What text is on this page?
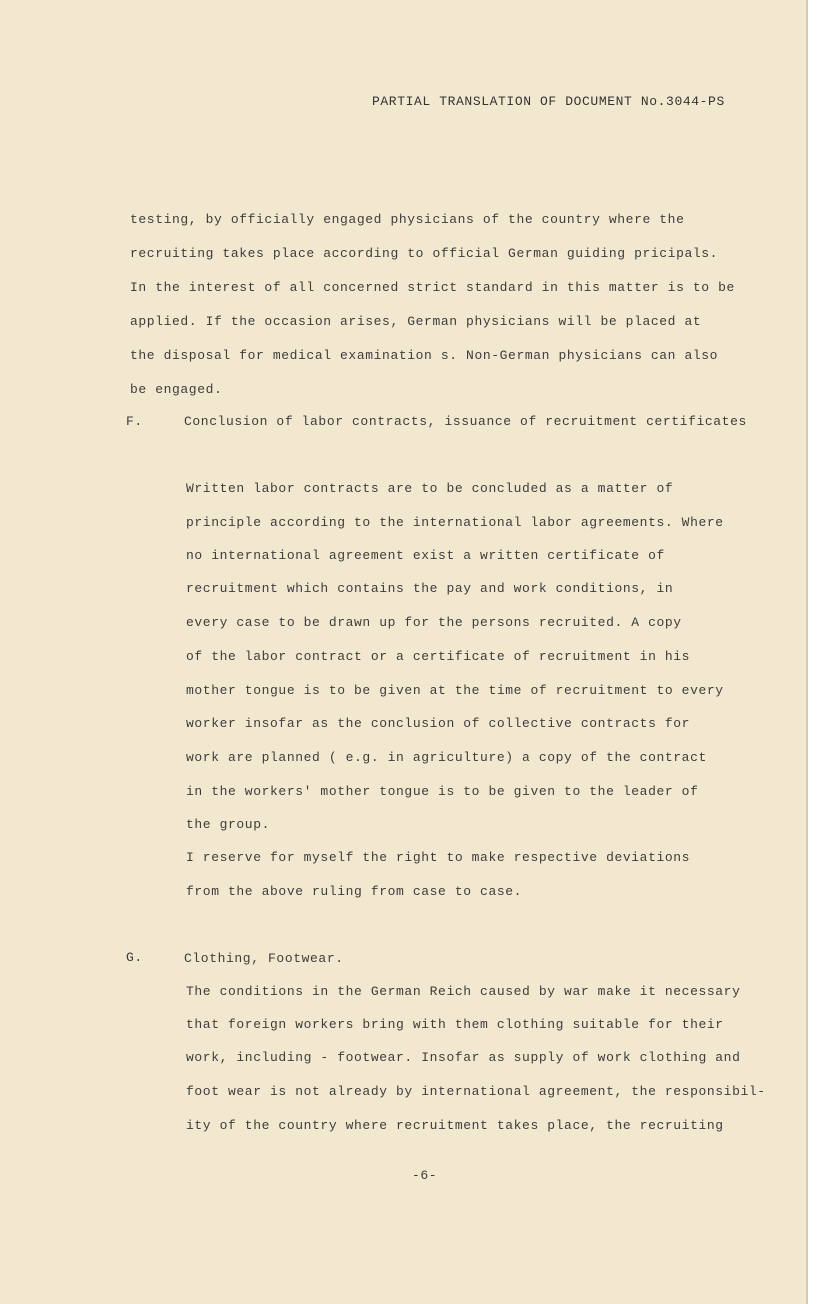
PARTIAL TRANSLATION OF DOCUMENT No.3044-PS
testing, by officially engaged physicians of the country where the
recruiting takes place according to official German guiding pricipals.
In the interest of all concerned strict standard in this matter is to be
applied. If the occasion arises, German physicians will be placed at
the disposal for medical examination s. Non-German physicians can also
be engaged.
F.	Conclusion of labor contracts, issuance of recruitment certificates
Written labor contracts are to be concluded as a matter of
principle according to the international labor agreements. Where
no international agreement exist a written certificate of
recruitment which contains the pay and work conditions, in
every case to be drawn up for the persons recruited. A copy
of the labor contract or a certificate of recruitment in his
mother tongue is to be given at the time of recruitment to every
worker insofar as the conclusion of collective contracts for
work are planned ( e.g. in agriculture) a copy of the contract
in the workers' mother tongue is to be given to the leader of
the group.
I reserve for myself the right to make respective deviations
from the above ruling from case to case.
G.	Clothing, Footwear.
The conditions in the German Reich caused by war make it necessary
that foreign workers bring with them clothing suitable for their
work, including - footwear. Insofar as supply of work clothing and
foot wear is not already by international agreement, the responsibil-
ity of the country where recruitment takes place, the recruiting
-6-
